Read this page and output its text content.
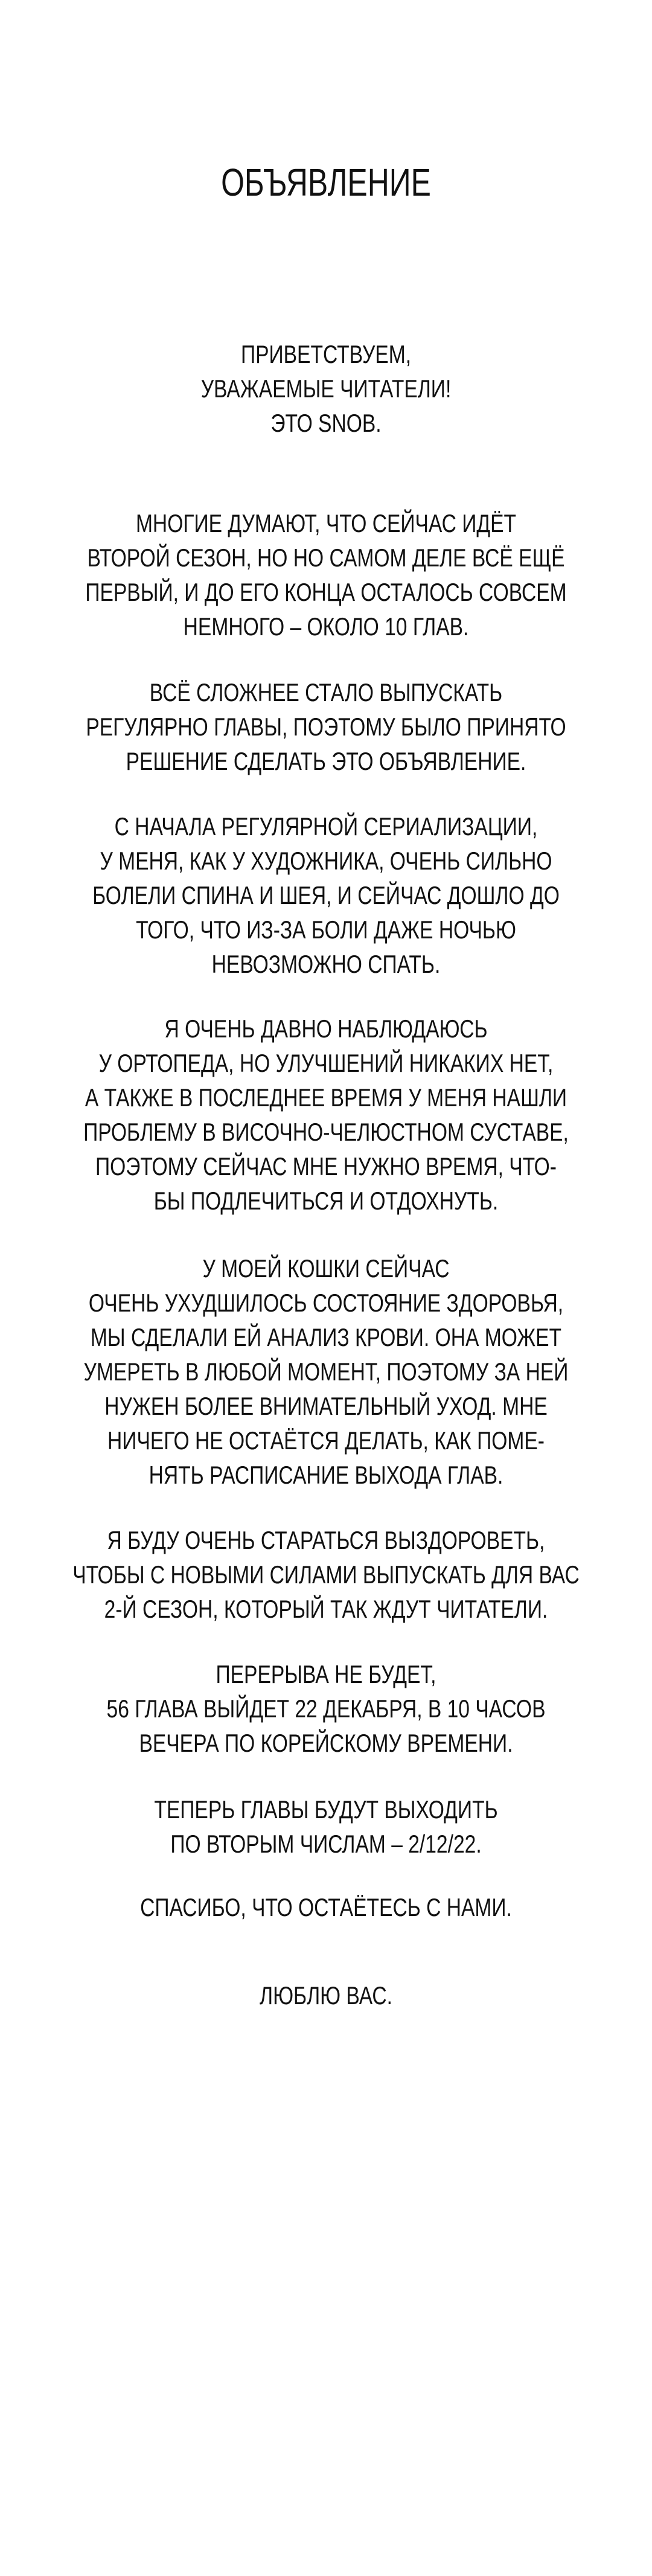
ОБЪЯВЛЕНИЕ
ПРИВЕТСТВУЕМ,
УВАЖАЕМЫЕ ЧИТАТЕЛИ!
ЭТО SNOB.
МНОГИЕ ДУМАЮТ, ЧТО СЕЙЧАС ИДЁТ
ВТОРОЙ СЕЗОН, НО НО САМОМ ДЕЛЕ ВСЁ ЕЩЁ
ПЕРВЫЙ, И ДО ЕГО КОНЦА ОСТАЛОСЬ СОВСЕМ
НЕМНОГО – ОКОЛО 10 ГЛАВ.
ВСЁ СЛОЖНЕЕ СТАЛО ВЫПУСКАТЬ
РЕГУЛЯРНО ГЛАВЫ, ПОЭТОМУ БЫЛО ПРИНЯТО
РЕШЕНИЕ СДЕЛАТЬ ЭТО ОБЪЯВЛЕНИЕ.
С НАЧАЛА РЕГУЛЯРНОЙ СЕРИАЛИЗАЦИИ,
У МЕНЯ, КАК У ХУДОЖНИКА, ОЧЕНЬ СИЛЬНО
БОЛЕЛИ СПИНА И ШЕЯ, И СЕЙЧАС ДОШЛО ДО
ТОГО, ЧТО ИЗ-ЗА БОЛИ ДАЖЕ НОЧЬЮ
НЕВОЗМОЖНО СПАТЬ.
Я ОЧЕНЬ ДАВНО НАБЛЮДАЮСЬ
У ОРТОПЕДА, НО УЛУЧШЕНИЙ НИКАКИХ НЕТ,
А ТАКЖЕ В ПОСЛЕДНЕЕ ВРЕМЯ У МЕНЯ НАШЛИ
ПРОБЛЕМУ В ВИСОЧНО-ЧЕЛЮСТНОМ СУСТАВЕ,
ПОЭТОМУ СЕЙЧАС МНЕ НУЖНО ВРЕМЯ, ЧТО-
БЫ ПОДЛЕЧИТЬСЯ И ОТДОХНУТЬ.
У МОЕЙ КОШКИ СЕЙЧАС
ОЧЕНЬ УХУДШИЛОСЬ СОСТОЯНИЕ ЗДОРОВЬЯ,
МЫ СДЕЛАЛИ ЕЙ АНАЛИЗ КРОВИ. ОНА МОЖЕТ
УМЕРЕТЬ В ЛЮБОЙ МОМЕНТ, ПОЭТОМУ ЗА НЕЙ
НУЖЕН БОЛЕЕ ВНИМАТЕЛЬНЫЙ УХОД. МНЕ
НИЧЕГО НЕ ОСТАЁТСЯ ДЕЛАТЬ, КАК ПОМЕ-
НЯТЬ РАСПИСАНИЕ ВЫХОДА ГЛАВ.
Я БУДУ ОЧЕНЬ СТАРАТЬСЯ ВЫЗДОРОВЕТЬ,
ЧТОБЫ С НОВЫМИ СИЛАМИ ВЫПУСКАТЬ ДЛЯ ВАС
2-Й СЕЗОН, КОТОРЫЙ ТАК ЖДУТ ЧИТАТЕЛИ.
ПЕРЕРЫВА НЕ БУДЕТ,
56 ГЛАВА ВЫЙДЕТ 22 ДЕКАБРЯ, В 10 ЧАСОВ
ВЕЧЕРА ПО КОРЕЙСКОМУ ВРЕМЕНИ.
ТЕПЕРЬ ГЛАВЫ БУДУТ ВЫХОДИТЬ
ПО ВТОРЫМ ЧИСЛАМ – 2/12/22.
СПАСИБО, ЧТО ОСТАЁТЕСЬ С НАМИ.
ЛЮБЛЮ ВАС.
